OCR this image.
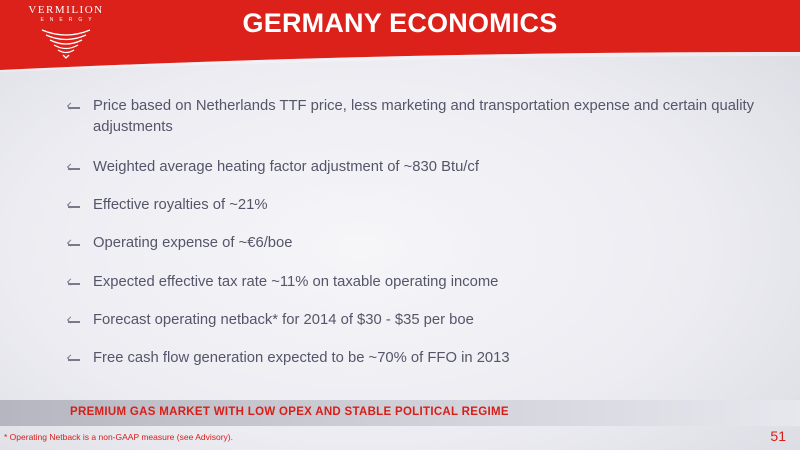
VERMILION
ENERGY	GERMANY ECONOMICS
Price based on Netherlands TTF price, less marketing and transportation expense and certain quality adjustments
Weighted average heating factor adjustment of ~830 Btu/cf
Effective royalties of ~21%
Operating expense of ~€6/boe
Expected effective tax rate ~11% on taxable operating income
Forecast operating netback* for 2014 of $30 - $35 per boe
Free cash flow generation expected to be ~70% of FFO in 2013
PREMIUM GAS MARKET WITH LOW OPEX AND STABLE POLITICAL REGIME
* Operating Netback is a non-GAAP measure (see Advisory).	51
